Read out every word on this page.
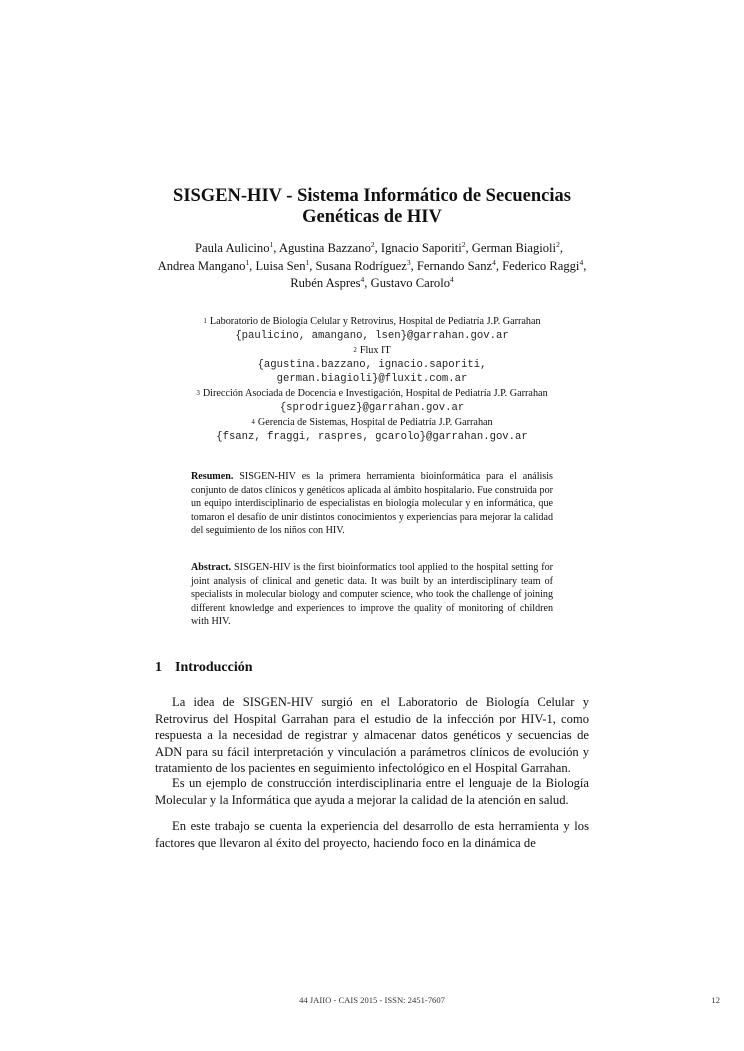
SISGEN-HIV - Sistema Informático de Secuencias
Genéticas de HIV
Paula Aulicino$^1$, Agustina Bazzano$^2$, Ignacio Saporiti$^2$, German Biagioli$^2$, Andrea Mangano$^1$, Luisa Sen$^1$, Susana Rodríguez$^3$, Fernando Sanz$^4$, Federico Raggi$^4$, Rubén Aspres$^4$, Gustavo Carolo$^4$
1 Laboratorio de Biología Celular y Retrovirus, Hospital de Pediatría J.P. Garrahan
{paulicino, amangano, lsen}@garrahan.gov.ar
2 Flux IT
{agustina.bazzano, ignacio.saporiti,
german.biagioli}@fluxit.com.ar
3 Dirección Asociada de Docencia e Investigación, Hospital de Pediatría J.P. Garrahan
{sprodriguez}@garrahan.gov.ar
4 Gerencia de Sistemas, Hospital de Pediatría J.P. Garrahan
{fsanz, fraggi, raspres, gcarolo}@garrahan.gov.ar
Resumen. SISGEN-HIV es la primera herramienta bioinformática para el análisis conjunto de datos clínicos y genéticos aplicada al ámbito hospitalario. Fue construida por un equipo interdisciplinario de especialistas en biología molecular y en informática, que tomaron el desafío de unir distintos conocimientos y experiencias para mejorar la calidad del seguimiento de los niños con HIV.
Abstract. SISGEN-HIV is the first bioinformatics tool applied to the hospital setting for joint analysis of clinical and genetic data. It was built by an interdisciplinary team of specialists in molecular biology and computer science, who took the challenge of joining different knowledge and experiences to improve the quality of monitoring of children with HIV.
1 Introducción
La idea de SISGEN-HIV surgió en el Laboratorio de Biología Celular y Retrovirus del Hospital Garrahan para el estudio de la infección por HIV-1, como respuesta a la necesidad de registrar y almacenar datos genéticos y secuencias de ADN para su fácil interpretación y vinculación a parámetros clínicos de evolución y tratamiento de los pacientes en seguimiento infectológico en el Hospital Garrahan.
Es un ejemplo de construcción interdisciplinaria entre el lenguaje de la Biología Molecular y la Informática que ayuda a mejorar la calidad de la atención en salud.
En este trabajo se cuenta la experiencia del desarrollo de esta herramienta y los factores que llevaron al éxito del proyecto, haciendo foco en la dinámica de
44 JAIIO - CAIS 2015 - ISSN: 2451-7607	12
